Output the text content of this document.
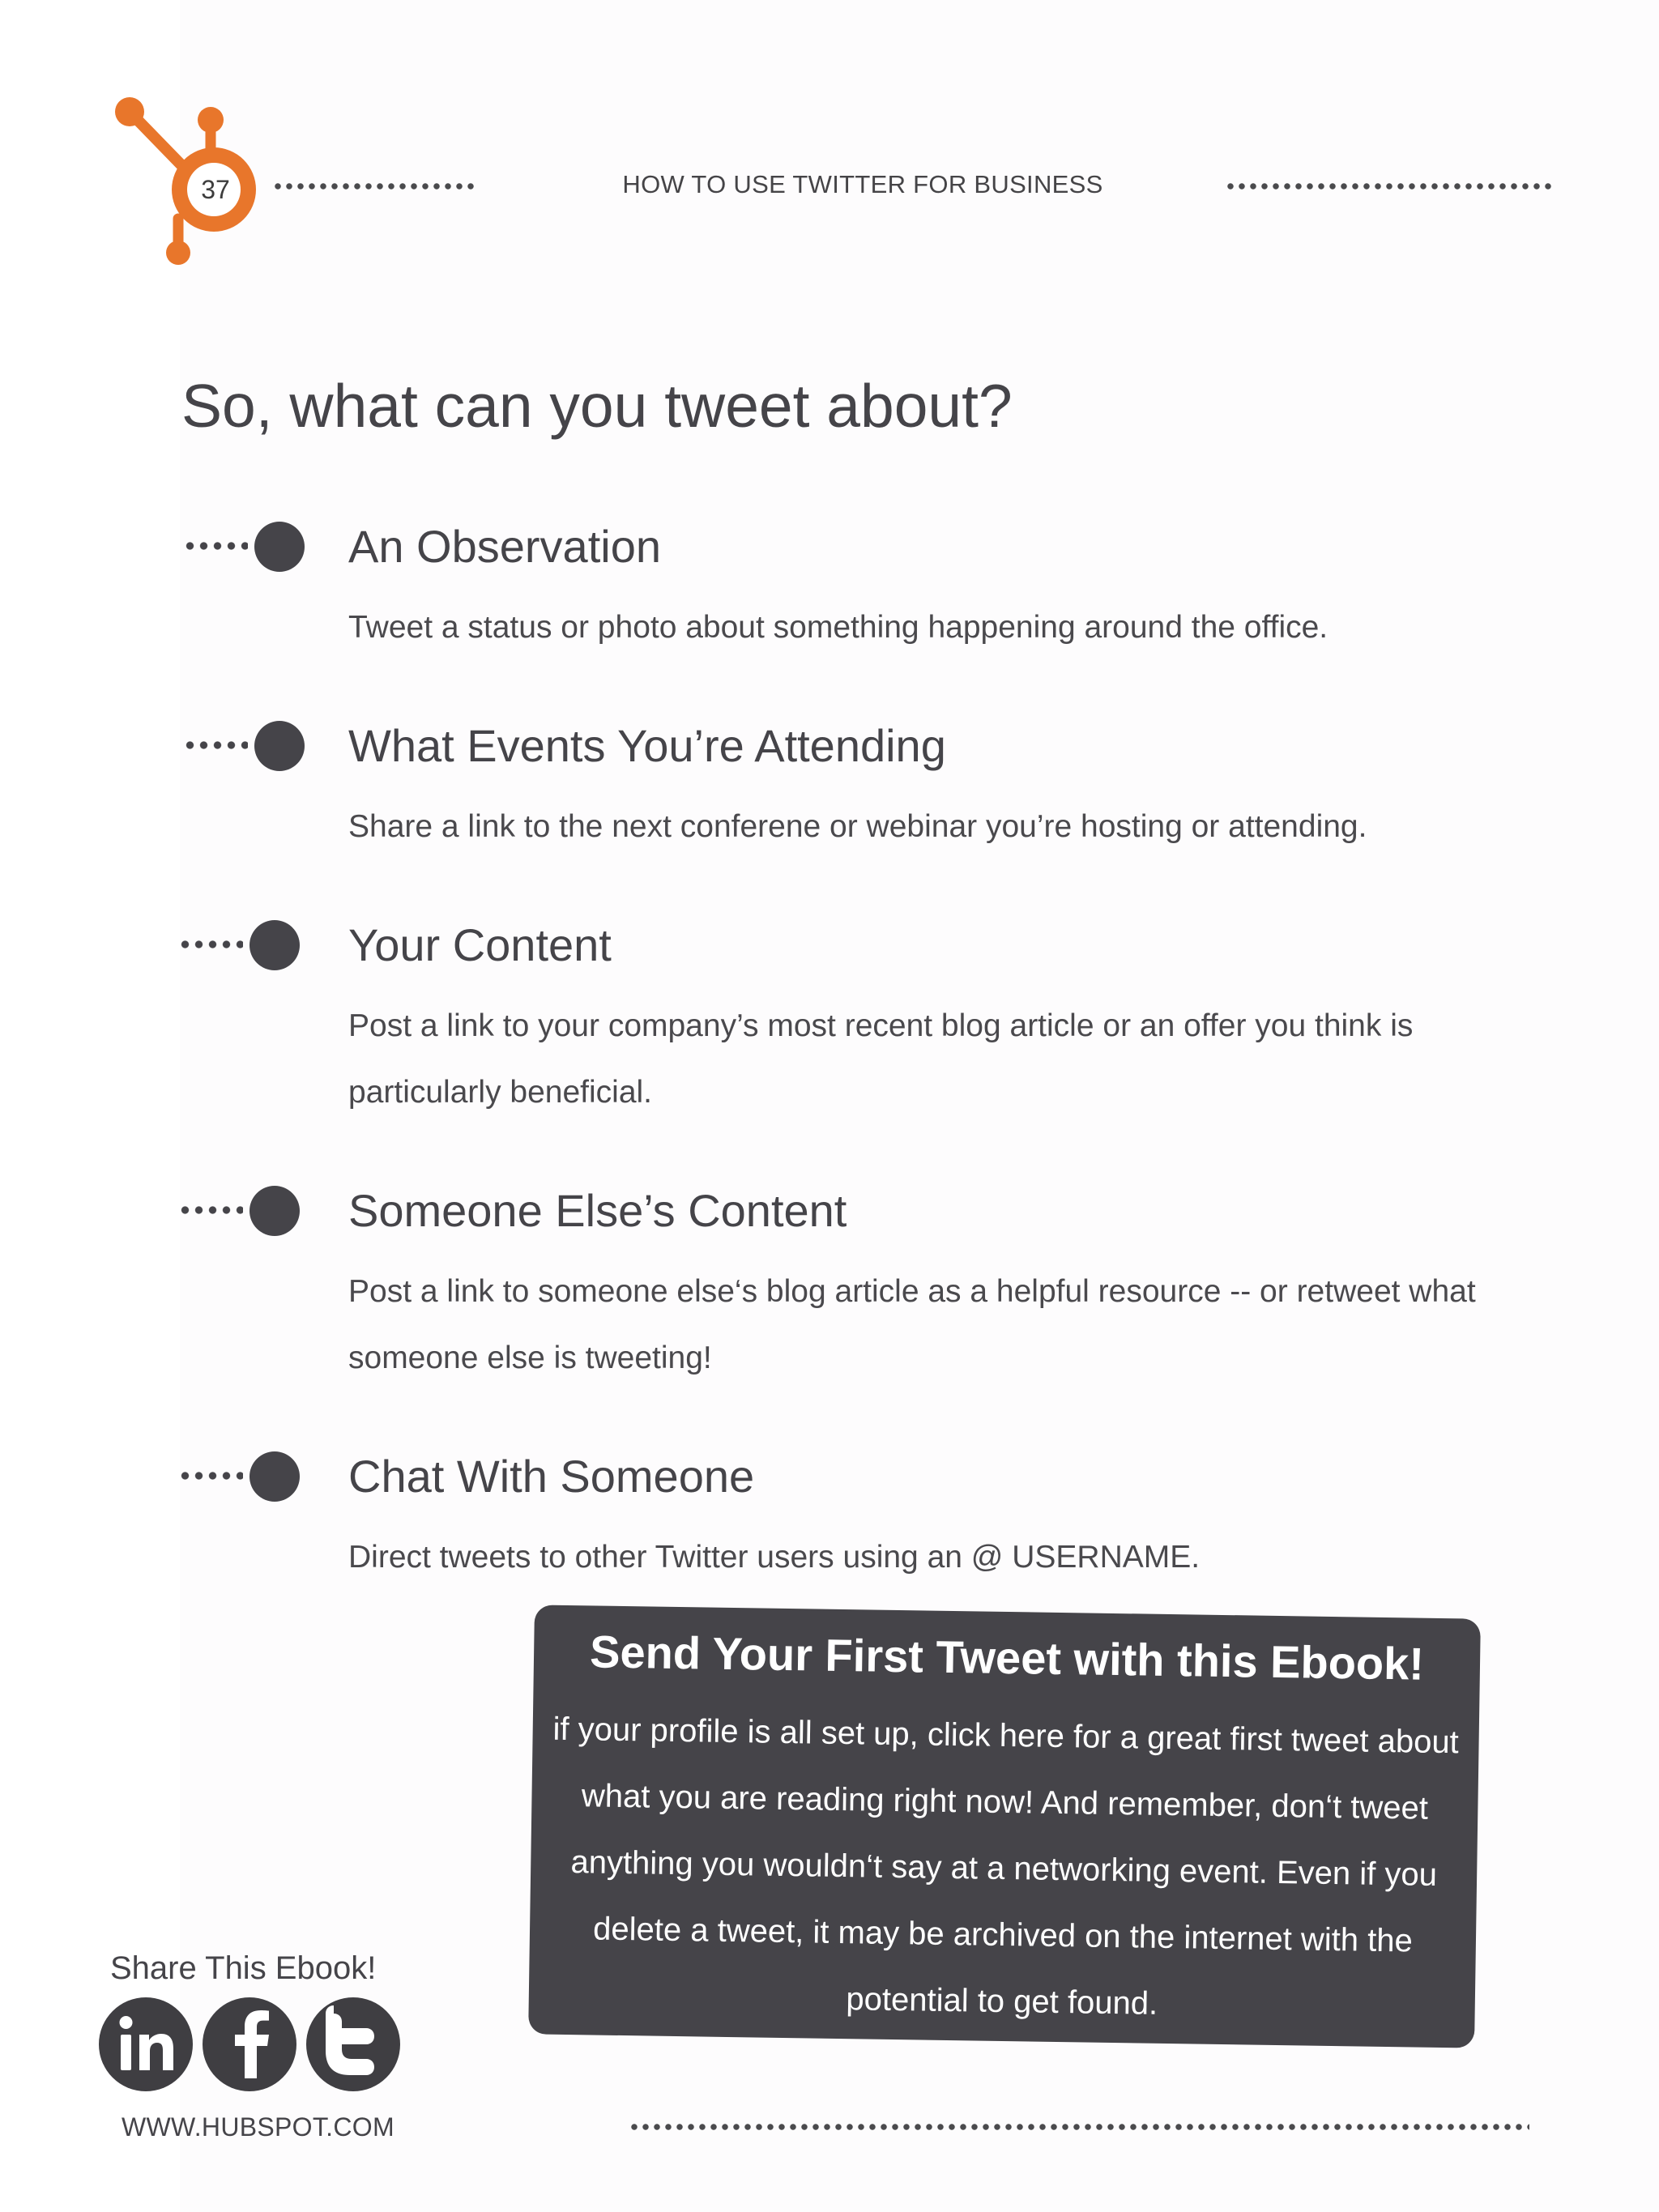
37	HOW TO USE TWITTER FOR BUSINESS
So, what can you tweet about?
An Observation
Tweet a status or photo about something happening around the office.
What Events You’re Attending
Share a link to the next conferene or webinar you’re hosting or attending.
Your Content
Post a link to your company’s most recent blog article or an offer you think is particularly beneficial.
Someone Else’s Content
Post a link to someone else‘s blog article as a helpful resource -- or retweet what someone else is tweeting!
Chat With Someone
Direct tweets to other Twitter users using an @ USERNAME.
Send Your First Tweet with this Ebook!
if your profile is all set up, click here for a great first tweet about what you are reading right now! And remember, don‘t tweet anything you wouldn‘t say at a networking event. Even if you delete a tweet, it may be archived on the internet with the potential to get found.
Share This Ebook!
WWW.HUBSPOT.COM
